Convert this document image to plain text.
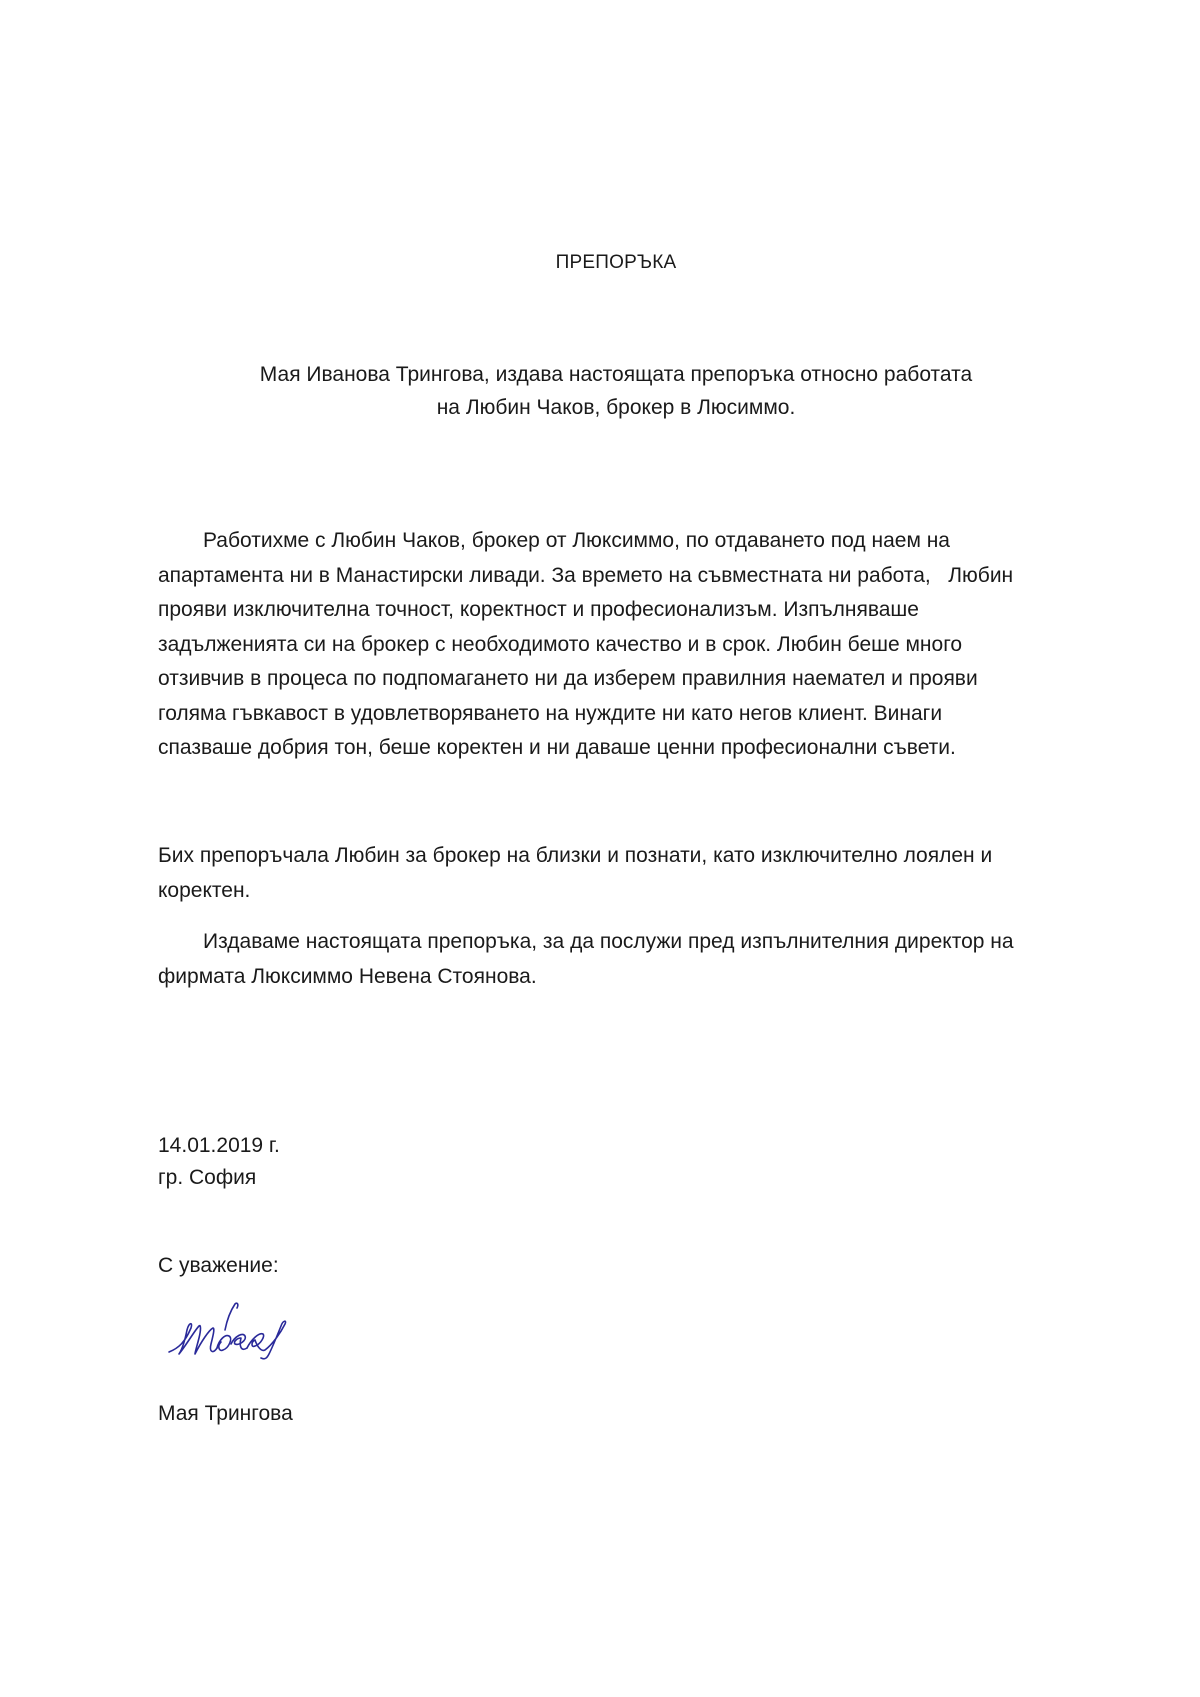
ПРЕПОРЪКА
Мая Иванова Трингова, издава настоящата препоръка относно работата
на Любин Чаков, брокер в Люсиммо.
Работихме с Любин Чаков, брокер от Люксиммо, по отдаването под наем на
апартамента ни в Манастирски ливади. За времето на съвместната ни работа,   Любин
прояви изключителна точност, коректност и професионализъм. Изпълняваше
задълженията си на брокер с необходимото качество и в срок. Любин беше много
отзивчив в процеса по подпомагането ни да изберем правилния наемател и прояви
голяма гъвкавост в удовлетворяването на нуждите ни като негов клиент. Винаги
спазваше добрия тон, беше коректен и ни даваше ценни професионални съвети.
Бих препоръчала Любин за брокер на близки и познати, като изключително лоялен и
коректен.
Издаваме настоящата препоръка, за да послужи пред изпълнителния директор на
фирмата Люксиммо Невена Стоянова.
14.01.2019 г.
гр. София
С уважение:
Мая Трингова
